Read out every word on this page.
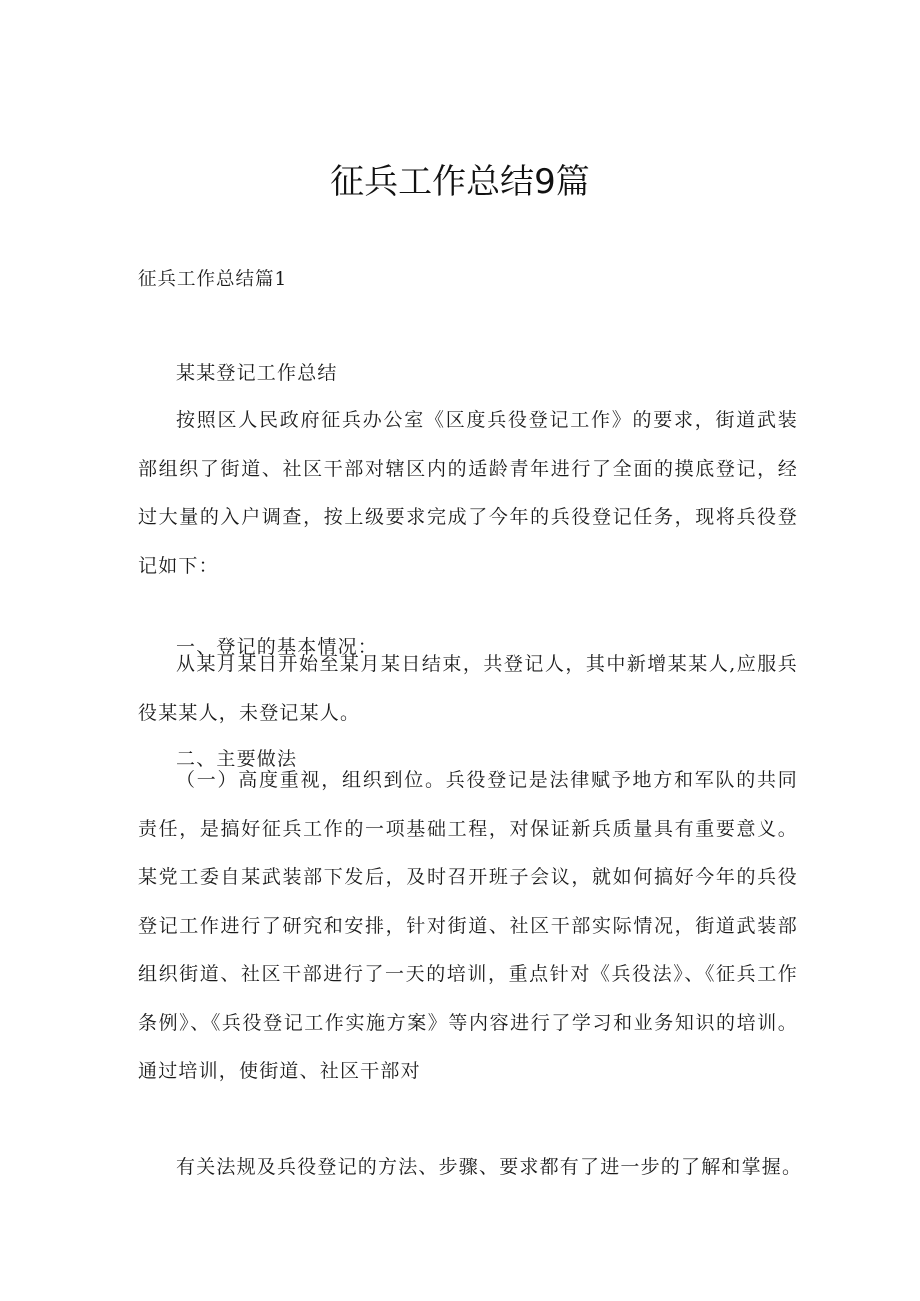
征兵工作总结9篇
征兵工作总结篇1
某某登记工作总结

按照区人民政府征兵办公室《区度兵役登记工作》的要求，街道武装部组织了街道、社区干部对辖区内的适龄青年进行了全面的摸底登记，经过大量的入户调查，按上级要求完成了今年的兵役登记任务，现将兵役登记如下：

一、登记的基本情况：

从某月某日开始至某月某日结束，共登记人，其中新增某某人,应服兵役某某人，未登记某人。

二、主要做法

（一）高度重视，组织到位。兵役登记是法律赋予地方和军队的共同责任，是搞好征兵工作的一项基础工程，对保证新兵质量具有重要意义。某党工委自某武装部下发后，及时召开班子会议，就如何搞好今年的兵役登记工作进行了研究和安排，针对街道、社区干部实际情况，街道武装部组织街道、社区干部进行了一天的培训，重点针对《兵役法》、《征兵工作条例》、《兵役登记工作实施方案》等内容进行了学习和业务知识的培训。通过培训，使街道、社区干部对

有关法规及兵役登记的方法、步骤、要求都有了进一步的了解和掌握。
